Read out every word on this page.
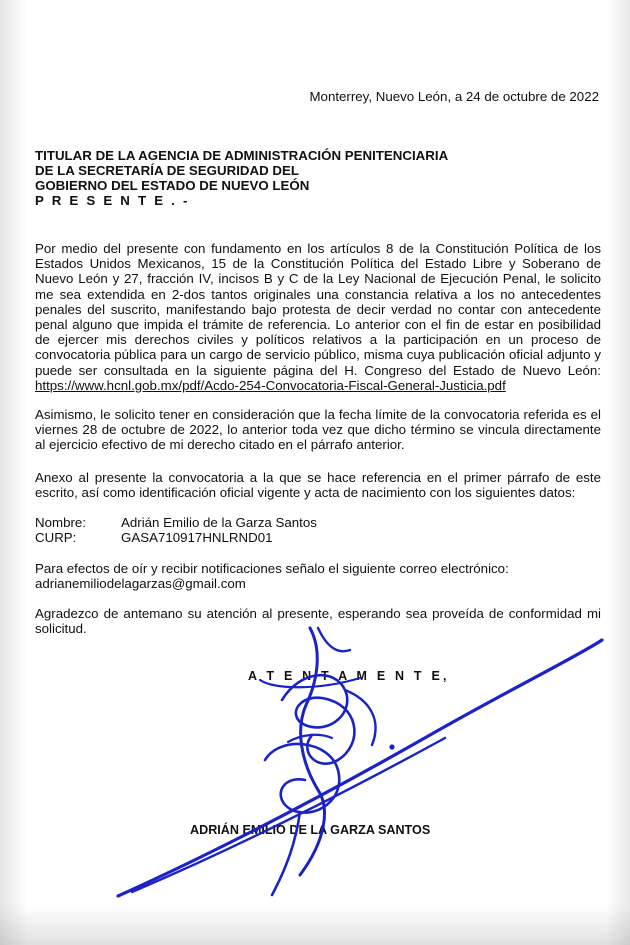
Monterrey, Nuevo León, a 24 de octubre de 2022
TITULAR DE LA AGENCIA DE ADMINISTRACIÓN PENITENCIARIA
DE LA SECRETARÍA DE SEGURIDAD DEL
GOBIERNO DEL ESTADO DE NUEVO LEÓN
P R E S E N T E . -

Por medio del presente con fundamento en los artículos 8 de la Constitución Política de los Estados Unidos Mexicanos, 15 de la Constitución Política del Estado Libre y Soberano de Nuevo León y 27, fracción IV, incisos B y C de la Ley Nacional de Ejecución Penal, le solicito me sea extendida en 2-dos tantos originales una constancia relativa a los no antecedentes penales del suscrito, manifestando bajo protesta de decir verdad no contar con antecedente penal alguno que impida el trámite de referencia. Lo anterior con el fin de estar en posibilidad de ejercer mis derechos civiles y políticos relativos a la participación en un proceso de convocatoria pública para un cargo de servicio público, misma cuya publicación oficial adjunto y puede ser consultada en la siguiente página del H. Congreso del Estado de Nuevo León: https://www.hcnl.gob.mx/pdf/Acdo-254-Convocatoria-Fiscal-General-Justicia.pdf

Asimismo, le solicito tener en consideración que la fecha límite de la convocatoria referida es el viernes 28 de octubre de 2022, lo anterior toda vez que dicho término se vincula directamente al ejercicio efectivo de mi derecho citado en el párrafo anterior.

Anexo al presente la convocatoria a la que se hace referencia en el primer párrafo de este escrito, así como identificación oficial vigente y acta de nacimiento con los siguientes datos:

Nombre:	Adrián Emilio de la Garza Santos
CURP:	GASA710917HNLRND01
Para efectos de oír y recibir notificaciones señalo el siguiente correo electrónico:
adrianemiliodelagarzas@gmail.com

Agradezco de antemano su atención al presente, esperando sea proveída de conformidad mi solicitud.

A T E N T A M E N T E,
ADRIÁN EMILIO DE LA GARZA SANTOS
